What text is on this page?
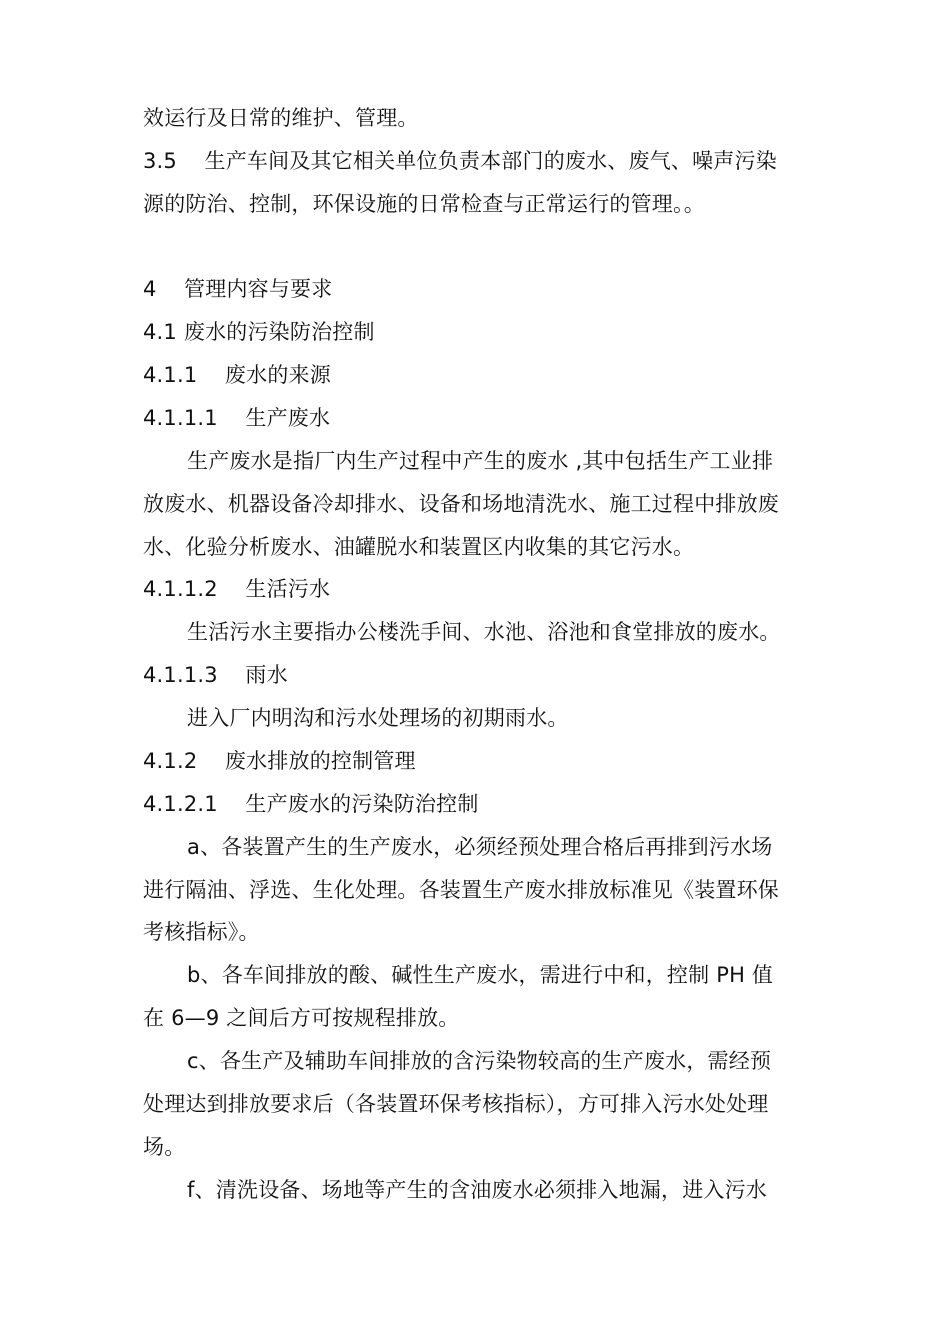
效运行及日常的维护、管理。
3.5    生产车间及其它相关单位负责本部门的废水、废气、噪声污染
源的防治、控制，环保设施的日常检查与正常运行的管理。。
4    管理内容与要求
4.1 废水的污染防治控制
4.1.1    废水的来源
4.1.1.1    生产废水
生产废水是指厂内生产过程中产生的废水 ,其中包括生产工业排
放废水、机器设备冷却排水、设备和场地清洗水、施工过程中排放废
水、化验分析废水、油罐脱水和装置区内收集的其它污水。
4.1.1.2    生活污水
生活污水主要指办公楼洗手间、水池、浴池和食堂排放的废水。
4.1.1.3    雨水
进入厂内明沟和污水处理场的初期雨水。
4.1.2    废水排放的控制管理
4.1.2.1    生产废水的污染防治控制
a、各装置产生的生产废水，必须经预处理合格后再排到污水场
进行隔油、浮选、生化处理。各装置生产废水排放标准见《装置环保
考核指标》。
b、各车间排放的酸、碱性生产废水，需进行中和，控制 PH 值
在 6—9 之间后方可按规程排放。
c、各生产及辅助车间排放的含污染物较高的生产废水，需经预
处理达到排放要求后（各装置环保考核指标），方可排入污水处处理
场。
f、清洗设备、场地等产生的含油废水必须排入地漏，进入污水
